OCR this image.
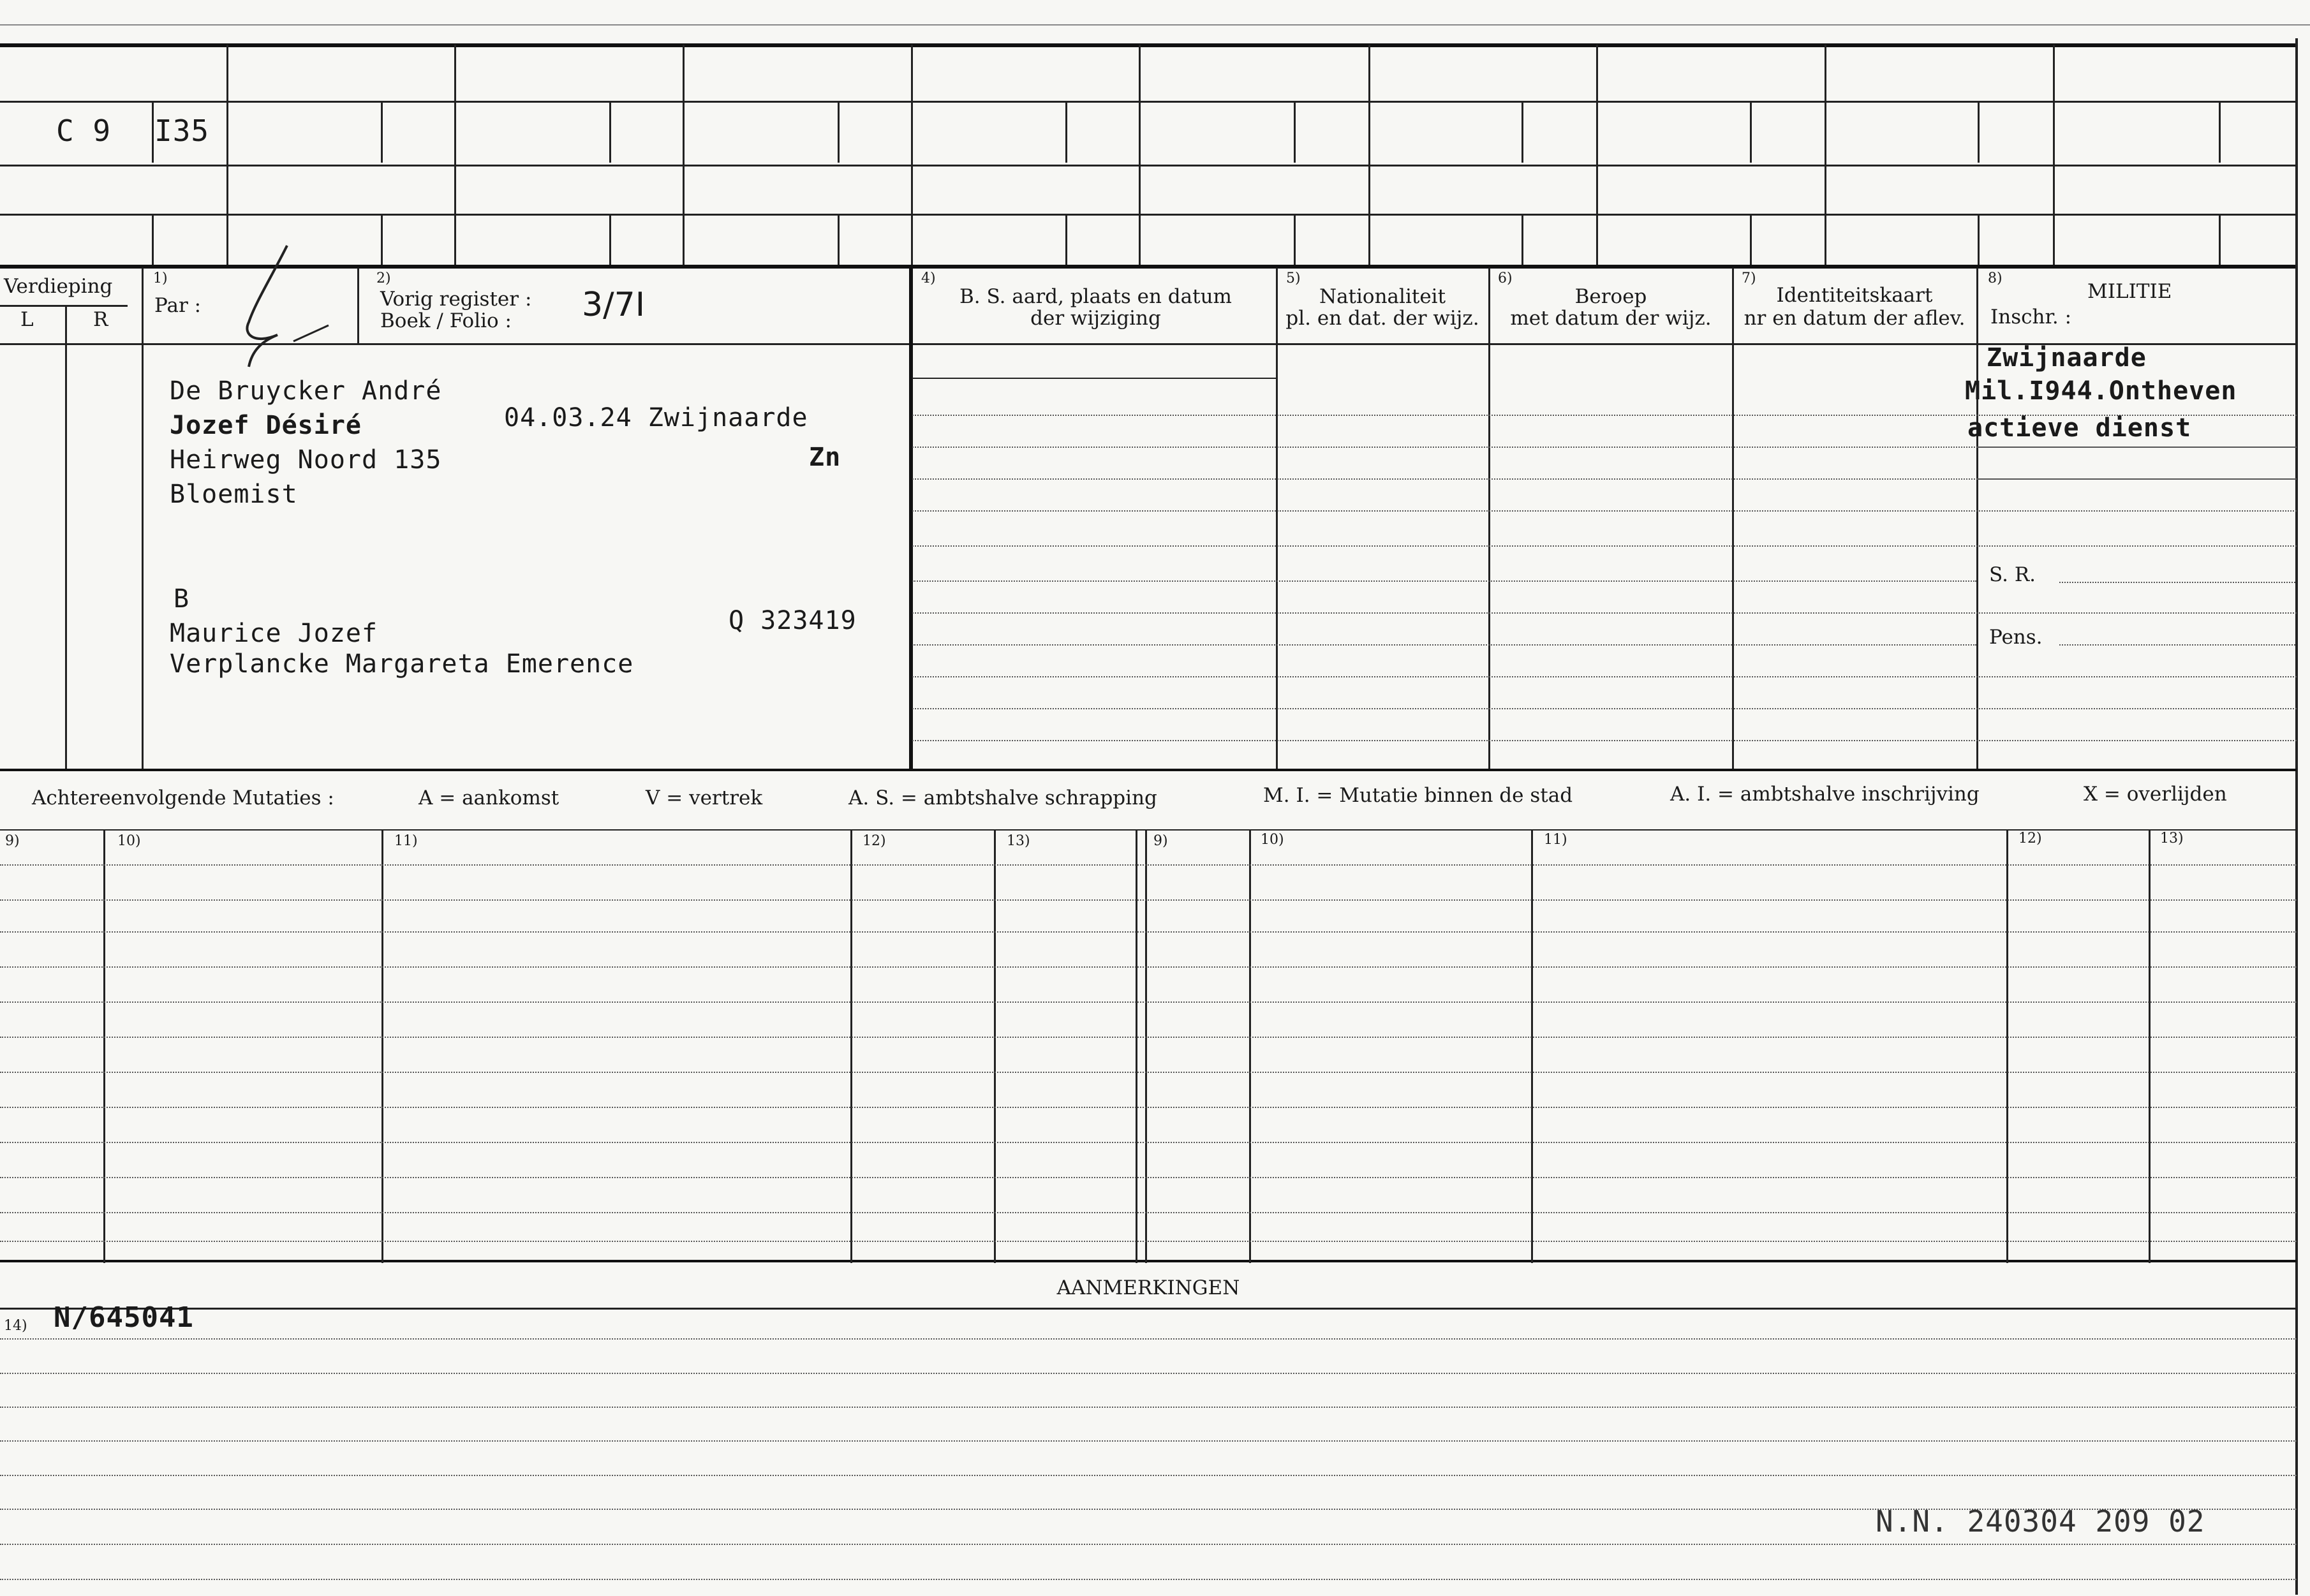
C 9 I35
Verdieping
L	R
1)
Par :
2)
Vorig register :
Boek / Folio : 3/7I
4)
B. S. aard, plaats en datum
der wijziging
5)
Nationaliteit
pl. en dat. der wijz.
6)
Beroep
met datum der wijz.
7)
Identiteitskaart
nr en datum der aflev.
8)
MILITIE
Inschr. :
De Bruycker André
Jozef Désiré	04.03.24 Zwijnaarde
Heirweg Noord 135	Zn
Bloemist
B
Maurice Jozef	Q 323419
Verplancke Margareta Emerence
Zwijnaarde
Mil.I944.Ontheven
actieve dienst
S. R.
Pens.
Achtereenvolgende Mutaties :	A = aankomst	V = vertrek	A. S. = ambtshalve schrapping	M. I. = Mutatie binnen de stad	A. I. = ambtshalve inschrijving	X = overlijden
9)	10)	11)	12)	13)	9)	10)	11)	12)	13)
AANMERKINGEN
14) N/645041
N.N. 240304 209 02
